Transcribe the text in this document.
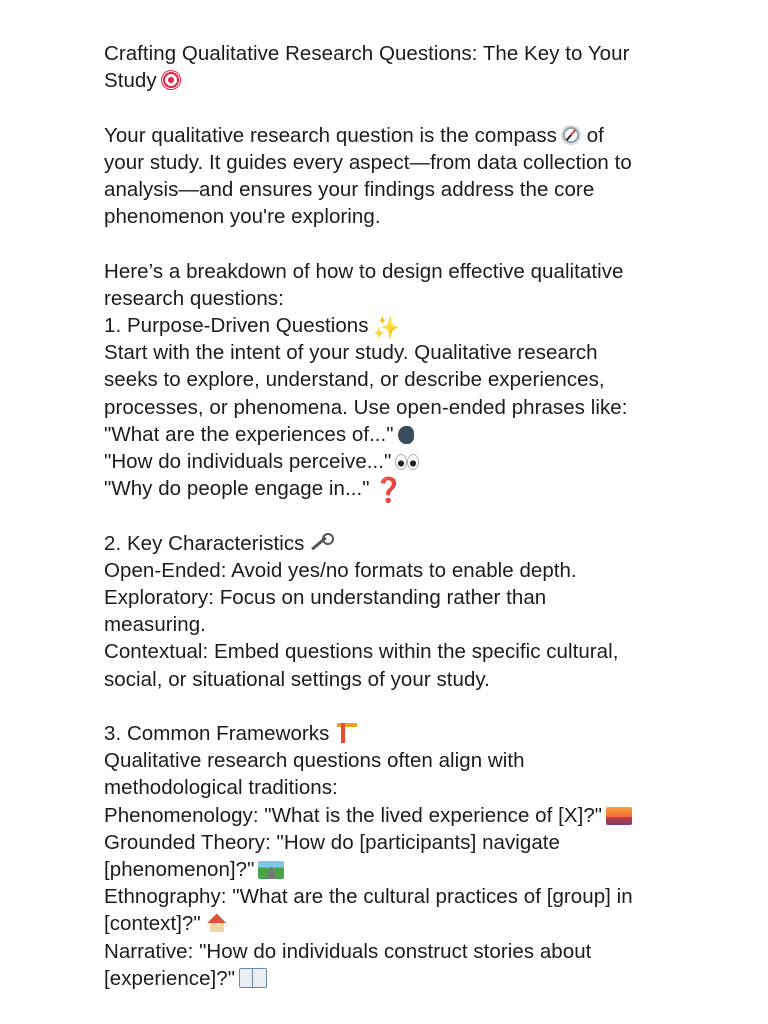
Crafting Qualitative Research Questions: The Key to Your
Study
Your qualitative research question is the compass of
your study. It guides every aspect—from data collection to
analysis—and ensures your findings address the core
phenomenon you're exploring.
Here’s a breakdown of how to design effective qualitative
research questions:
1. Purpose-Driven Questions ✨
Start with the intent of your study. Qualitative research
seeks to explore, understand, or describe experiences,
processes, or phenomena. Use open-ended phrases like:
"What are the experiences of..."
"How do individuals perceive..."
"Why do people engage in..." ❓
2. Key Characteristics
Open-Ended: Avoid yes/no formats to enable depth.
Exploratory: Focus on understanding rather than
measuring.
Contextual: Embed questions within the specific cultural,
social, or situational settings of your study.
3. Common Frameworks
Qualitative research questions often align with
methodological traditions:
Phenomenology: "What is the lived experience of [X]?"
Grounded Theory: "How do [participants] navigate
[phenomenon]?"
Ethnography: "What are the cultural practices of [group] in
[context]?"
Narrative: "How do individuals construct stories about
[experience]?"
